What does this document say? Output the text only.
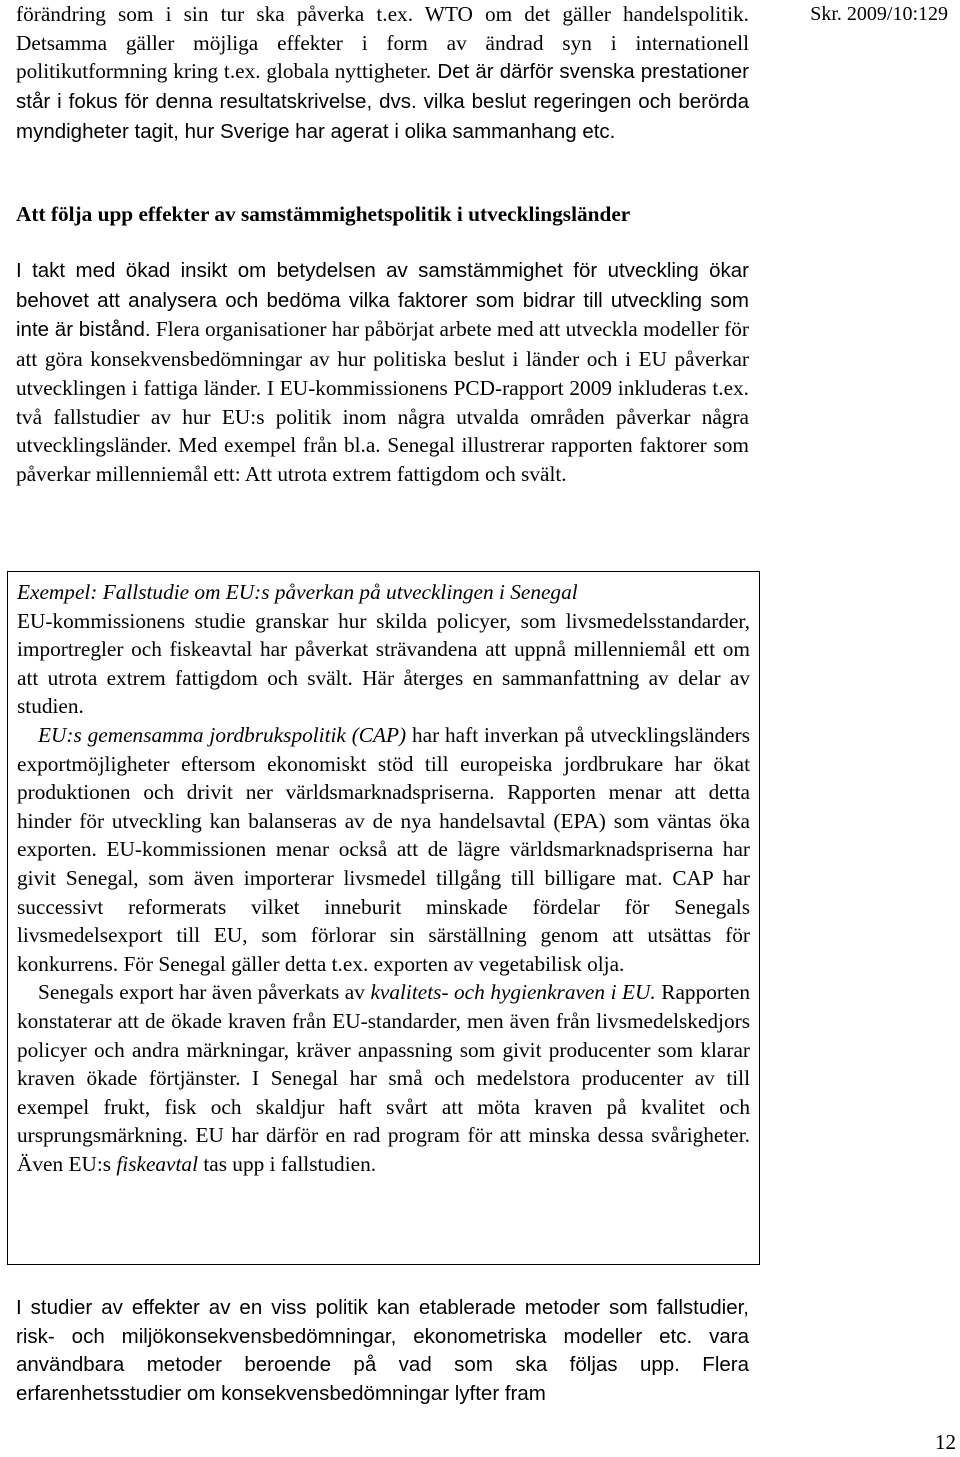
Skr. 2009/10:129

förändring som i sin tur ska påverka t.ex. WTO om det gäller handelspolitik. Detsamma gäller möjliga effekter i form av ändrad syn i internationell politikutformning kring t.ex. globala nyttigheter. Det är därför svenska prestationer står i fokus för denna resultatskrivelse, dvs. vilka beslut regeringen och berörda myndigheter tagit, hur Sverige har agerat i olika sammanhang etc.

Att följa upp effekter av samstämmighetspolitik i utvecklingsländer

I takt med ökad insikt om betydelsen av samstämmighet för utveckling ökar behovet att analysera och bedöma vilka faktorer som bidrar till utveckling som inte är bistånd. Flera organisationer har påbörjat arbete med att utveckla modeller för att göra konsekvensbedömningar av hur politiska beslut i länder och i EU påverkar utvecklingen i fattiga länder. I EU-kommissionens PCD-rapport 2009 inkluderas t.ex. två fallstudier av hur EU:s politik inom några utvalda områden påverkar några utvecklingsländer. Med exempel från bl.a. Senegal illustrerar rapporten faktorer som påverkar millenniemål ett: Att utrota extrem fattigdom och svält.

Exempel: Fallstudie om EU:s påverkan på utvecklingen i Senegal

EU-kommissionens studie granskar hur skilda policyer, som livsmedelsstandarder, importregler och fiskeavtal har påverkat strävandena att uppnå millenniemål ett om att utrota extrem fattigdom och svält. Här återges en sammanfattning av delar av studien.

EU:s gemensamma jordbrukspolitik (CAP) har haft inverkan på utvecklingsländers exportmöjligheter eftersom ekonomiskt stöd till europeiska jordbrukare har ökat produktionen och drivit ner världsmarknadspriserna. Rapporten menar att detta hinder för utveckling kan balanseras av de nya handelsavtal (EPA) som väntas öka exporten. EU-kommissionen menar också att de lägre världsmarknadspriserna har givit Senegal, som även importerar livsmedel tillgång till billigare mat. CAP har successivt reformerats vilket inneburit minskade fördelar för Senegals livsmedelsexport till EU, som förlorar sin särställning genom att utsättas för konkurrens. För Senegal gäller detta t.ex. exporten av vegetabilisk olja.

Senegals export har även påverkats av kvalitets- och hygienkraven i EU. Rapporten konstaterar att de ökade kraven från EU-standarder, men även från livsmedelskedjors policyer och andra märkningar, kräver anpassning som givit producenter som klarar kraven ökade förtjänster. I Senegal har små och medelstora producenter av till exempel frukt, fisk och skaldjur haft svårt att möta kraven på kvalitet och ursprungsmärkning. EU har därför en rad program för att minska dessa svårigheter. Även EU:s fiskeavtal tas upp i fallstudien.

I studier av effekter av en viss politik kan etablerade metoder som fallstudier, risk- och miljökonsekvensbedömningar, ekonometriska modeller etc. vara användbara metoder beroende på vad som ska följas upp. Flera erfarenhetsstudier om konsekvensbedömningar lyfter fram

12
